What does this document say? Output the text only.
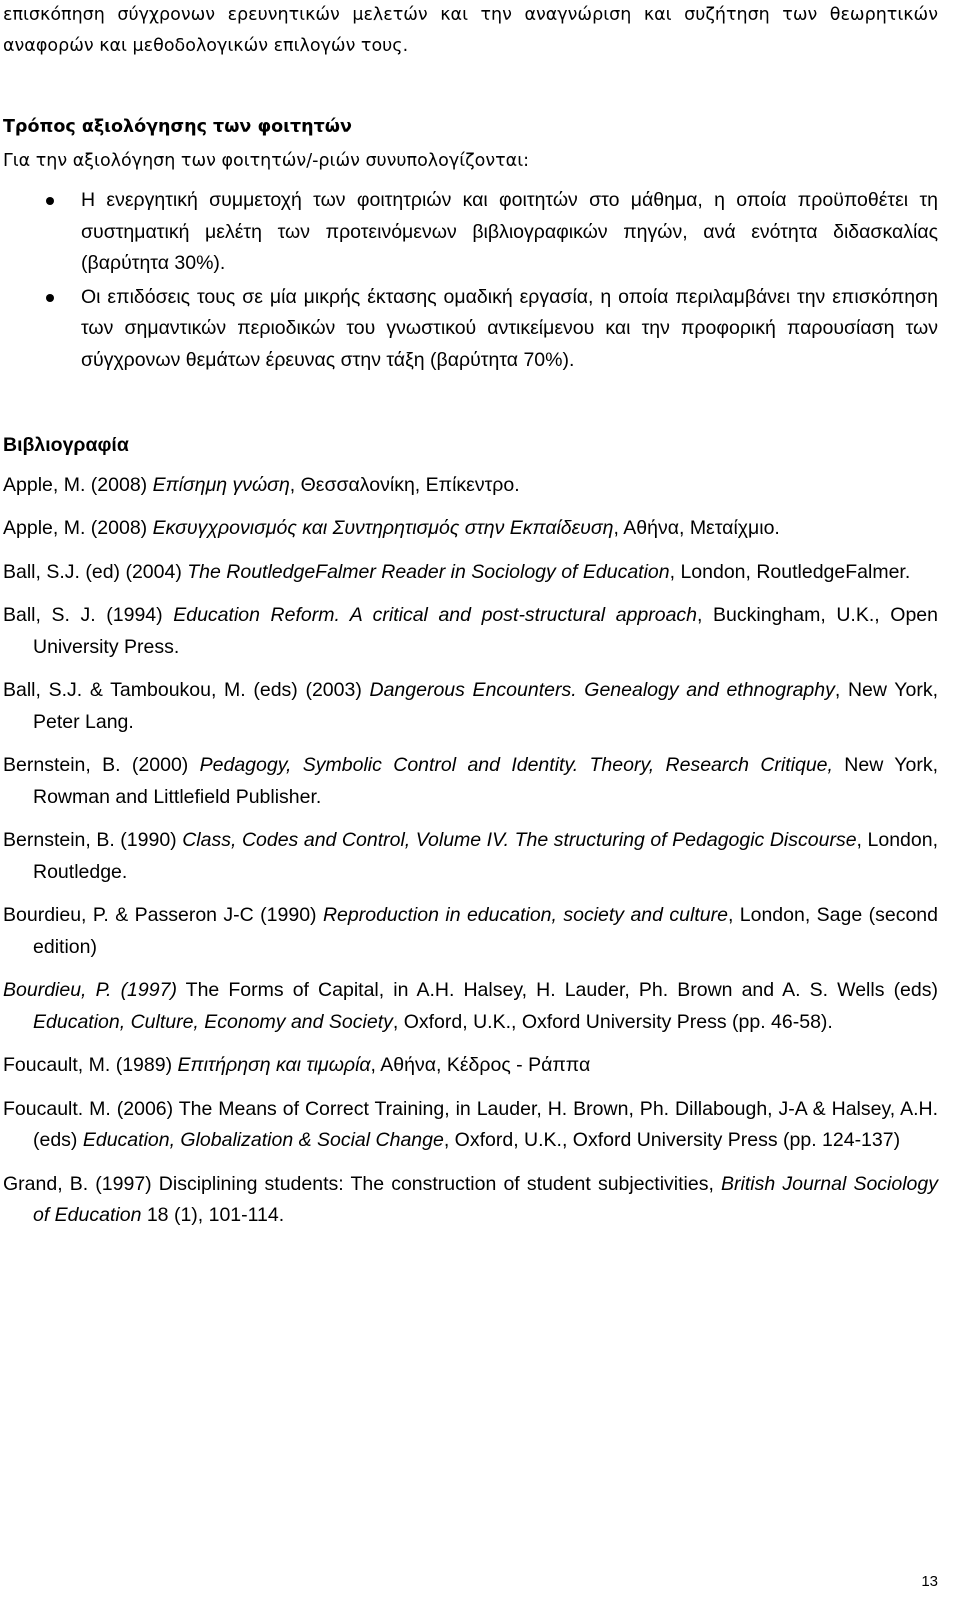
επισκόπηση σύγχρονων ερευνητικών μελετών και την αναγνώριση και συζήτηση των θεωρητικών αναφορών και μεθοδολογικών επιλογών τους.

Τρόπος αξιολόγησης των φοιτητών

Για την αξιολόγηση των φοιτητών/-ριών συνυπολογίζονται:

Η ενεργητική συμμετοχή των φοιτητριών και φοιτητών στο μάθημα, η οποία προϋποθέτει τη συστηματική μελέτη των προτεινόμενων βιβλιογραφικών πηγών, ανά ενότητα διδασκαλίας (βαρύτητα 30%).
Οι επιδόσεις τους σε μία μικρής έκτασης ομαδική εργασία, η οποία περιλαμβάνει την επισκόπηση των σημαντικών περιοδικών του γνωστικού αντικείμενου και την προφορική παρουσίαση των σύγχρονων θεμάτων έρευνας στην τάξη (βαρύτητα 70%).

Βιβλιογραφία

Apple, M. (2008) Επίσημη γνώση, Θεσσαλονίκη, Επίκεντρο.

Apple, M. (2008) Εκσυγχρονισμός και Συντηρητισμός στην Εκπαίδευση, Αθήνα, Μεταίχμιο.

Ball, S.J. (ed) (2004) The RoutledgeFalmer Reader in Sociology of Education, London, RoutledgeFalmer.

Ball, S. J. (1994) Education Reform. A critical and post-structural approach, Buckingham, U.K., Open University Press.

Ball, S.J. & Tamboukou, M. (eds) (2003) Dangerous Encounters. Genealogy and ethnography, New York, Peter Lang.

Bernstein, B. (2000) Pedagogy, Symbolic Control and Identity. Theory, Research Critique, New York, Rowman and Littlefield Publisher.

Bernstein, B. (1990) Class, Codes and Control, Volume IV. The structuring of Pedagogic Discourse, London, Routledge.

Bourdieu, P. & Passeron J-C (1990) Reproduction in education, society and culture, London, Sage (second edition)

Bourdieu, P. (1997) The Forms of Capital, in A.H. Halsey, H. Lauder, Ph. Brown and A. S. Wells (eds) Education, Culture, Economy and Society, Oxford, U.K., Oxford University Press (pp. 46-58).

Foucault, M. (1989) Επιτήρηση και τιμωρία, Αθήνα, Κέδρος - Ράππα

Foucault. M. (2006) The Means of Correct Training, in Lauder, H. Brown, Ph. Dillabough, J-A & Halsey, A.H. (eds) Education, Globalization & Social Change, Oxford, U.K., Oxford University Press (pp. 124-137)

Grand, B. (1997) Disciplining students: The construction of student subjectivities, British Journal Sociology of Education 18 (1), 101-114.

13
